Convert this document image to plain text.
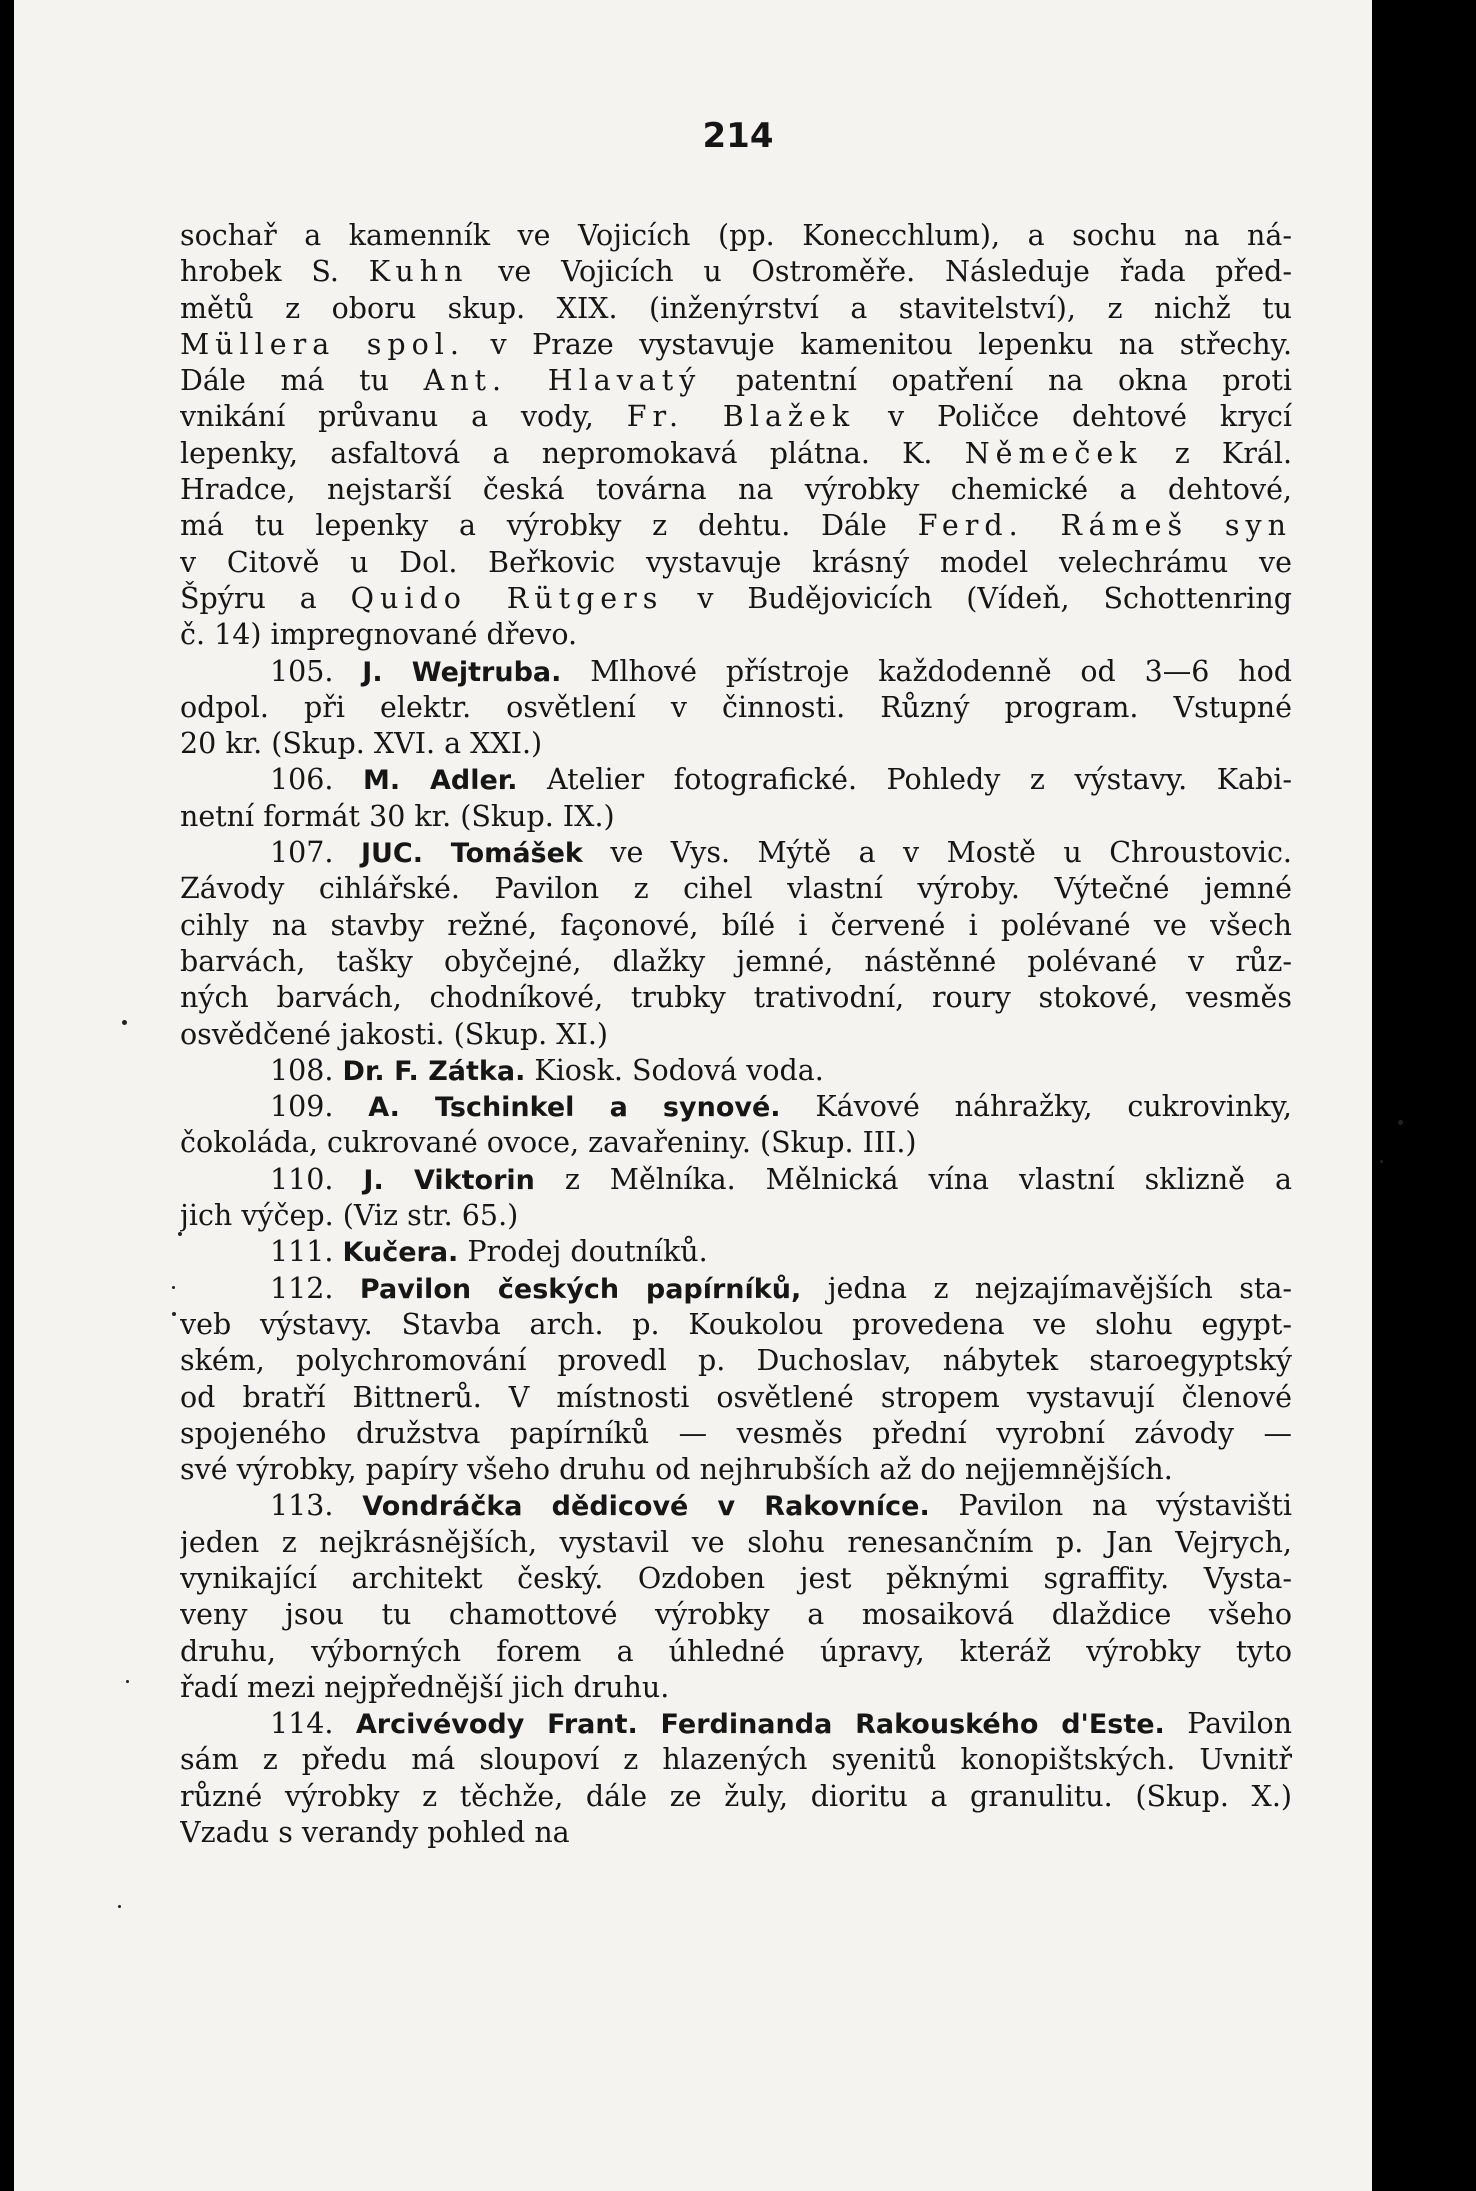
214
sochař a kamenník ve Vojicích (pp. Konecchlum), a sochu na ná-
hrobek S. Kuhn ve Vojicích u Ostroměře. Následuje řada před-
mětů z oboru skup. XIX. (inženýrství a stavitelství), z nichž tu
Müllera spol. v Praze vystavuje kamenitou lepenku na střechy.
Dále má tu Ant. Hlavatý patentní opatření na okna proti
vnikání průvanu a vody, Fr. Blažek v Poličce dehtové krycí
lepenky, asfaltová a nepromokavá plátna. K. Němeček z Král.
Hradce, nejstarší česká továrna na výrobky chemické a dehtové,
má tu lepenky a výrobky z dehtu. Dále Ferd. Rámeš syn
v Citově u Dol. Beřkovic vystavuje krásný model velechrámu ve
Špýru a Quido Rütgers v Budějovicích (Vídeň, Schottenring
č. 14) impregnované dřevo.
105. J. Wejtruba. Mlhové přístroje každodenně od 3—6 hod
odpol. při elektr. osvětlení v činnosti. Různý program. Vstupné
20 kr. (Skup. XVI. a XXI.)
106. M. Adler. Atelier fotografické. Pohledy z výstavy. Kabi-
netní formát 30 kr. (Skup. IX.)
107. JUC. Tomášek ve Vys. Mýtě a v Mostě u Chroustovic.
Závody cihlářské. Pavilon z cihel vlastní výroby. Výtečné jemné
cihly na stavby režné, façonové, bílé i červené i polévané ve všech
barvách, tašky obyčejné, dlažky jemné, nástěnné polévané v růz-
ných barvách, chodníkové, trubky trativodní, roury stokové, vesměs
osvědčené jakosti. (Skup. XI.)
108. Dr. F. Zátka. Kiosk. Sodová voda.
109. A. Tschinkel a synové. Kávové náhražky, cukrovinky,
čokoláda, cukrované ovoce, zavařeniny. (Skup. III.)
110. J. Viktorin z Mělníka. Mělnická vína vlastní sklizně a
jich výčep. (Viz str. 65.)
111. Kučera. Prodej doutníků.
112. Pavilon českých papírníků, jedna z nejzajímavějších sta-
veb výstavy. Stavba arch. p. Koukolou provedena ve slohu egypt-
ském, polychromování provedl p. Duchoslav, nábytek staroegyptský
od bratří Bittnerů. V místnosti osvětlené stropem vystavují členové
spojeného družstva papírníků — vesměs přední vyrobní závody —
své výrobky, papíry všeho druhu od nejhrubších až do nejjemnějších.
113. Vondráčka dědicové v Rakovníce. Pavilon na výstavišti
jeden z nejkrásnějších, vystavil ve slohu renesančním p. Jan Vejrych,
vynikající architekt český. Ozdoben jest pěknými sgraffity. Vysta-
veny jsou tu chamottové výrobky a mosaiková dlaždice všeho
druhu, výborných forem a úhledné úpravy, kteráž výrobky tyto
řadí mezi nejpřednější jich druhu.
114. Arcivévody Frant. Ferdinanda Rakouského d'Este. Pavilon
sám z předu má sloupoví z hlazených syenitů konopištských. Uvnitř
různé výrobky z těchže, dále ze žuly, dioritu a granulitu. (Skup. X.)
Vzadu s verandy pohled na
